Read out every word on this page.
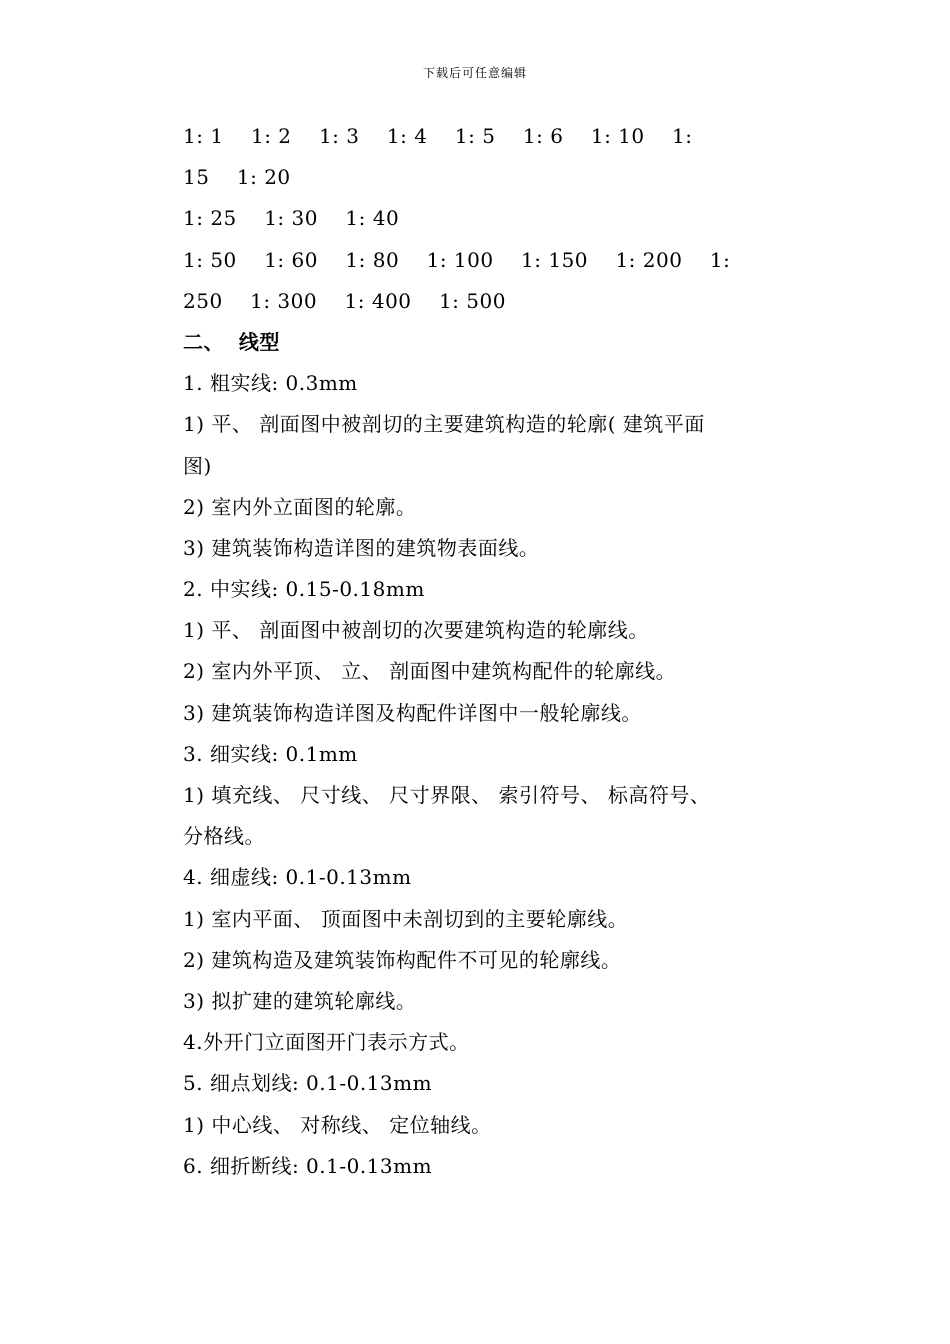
下载后可任意编辑
1: 1    1: 2    1: 3    1: 4    1: 5    1: 6    1: 10    1:
15    1: 20
1: 25    1: 30    1: 40
1: 50    1: 60    1: 80    1: 100    1: 150    1: 200    1:
250    1: 300    1: 400    1: 500
二、  线型
1. 粗实线: 0.3mm
1) 平、 剖面图中被剖切的主要建筑构造的轮廓( 建筑平面
图)
2) 室内外立面图的轮廓。
3) 建筑装饰构造详图的建筑物表面线。
2. 中实线: 0.15-0.18mm
1) 平、 剖面图中被剖切的次要建筑构造的轮廓线。
2) 室内外平顶、 立、 剖面图中建筑构配件的轮廓线。
3) 建筑装饰构造详图及构配件详图中一般轮廓线。
3. 细实线: 0.1mm
1) 填充线、 尺寸线、 尺寸界限、 索引符号、 标高符号、
分格线。
4. 细虚线: 0.1-0.13mm
1) 室内平面、 顶面图中未剖切到的主要轮廓线。
2) 建筑构造及建筑装饰构配件不可见的轮廓线。
3) 拟扩建的建筑轮廓线。
4.外开门立面图开门表示方式。
5. 细点划线: 0.1-0.13mm
1) 中心线、 对称线、 定位轴线。
6. 细折断线: 0.1-0.13mm
